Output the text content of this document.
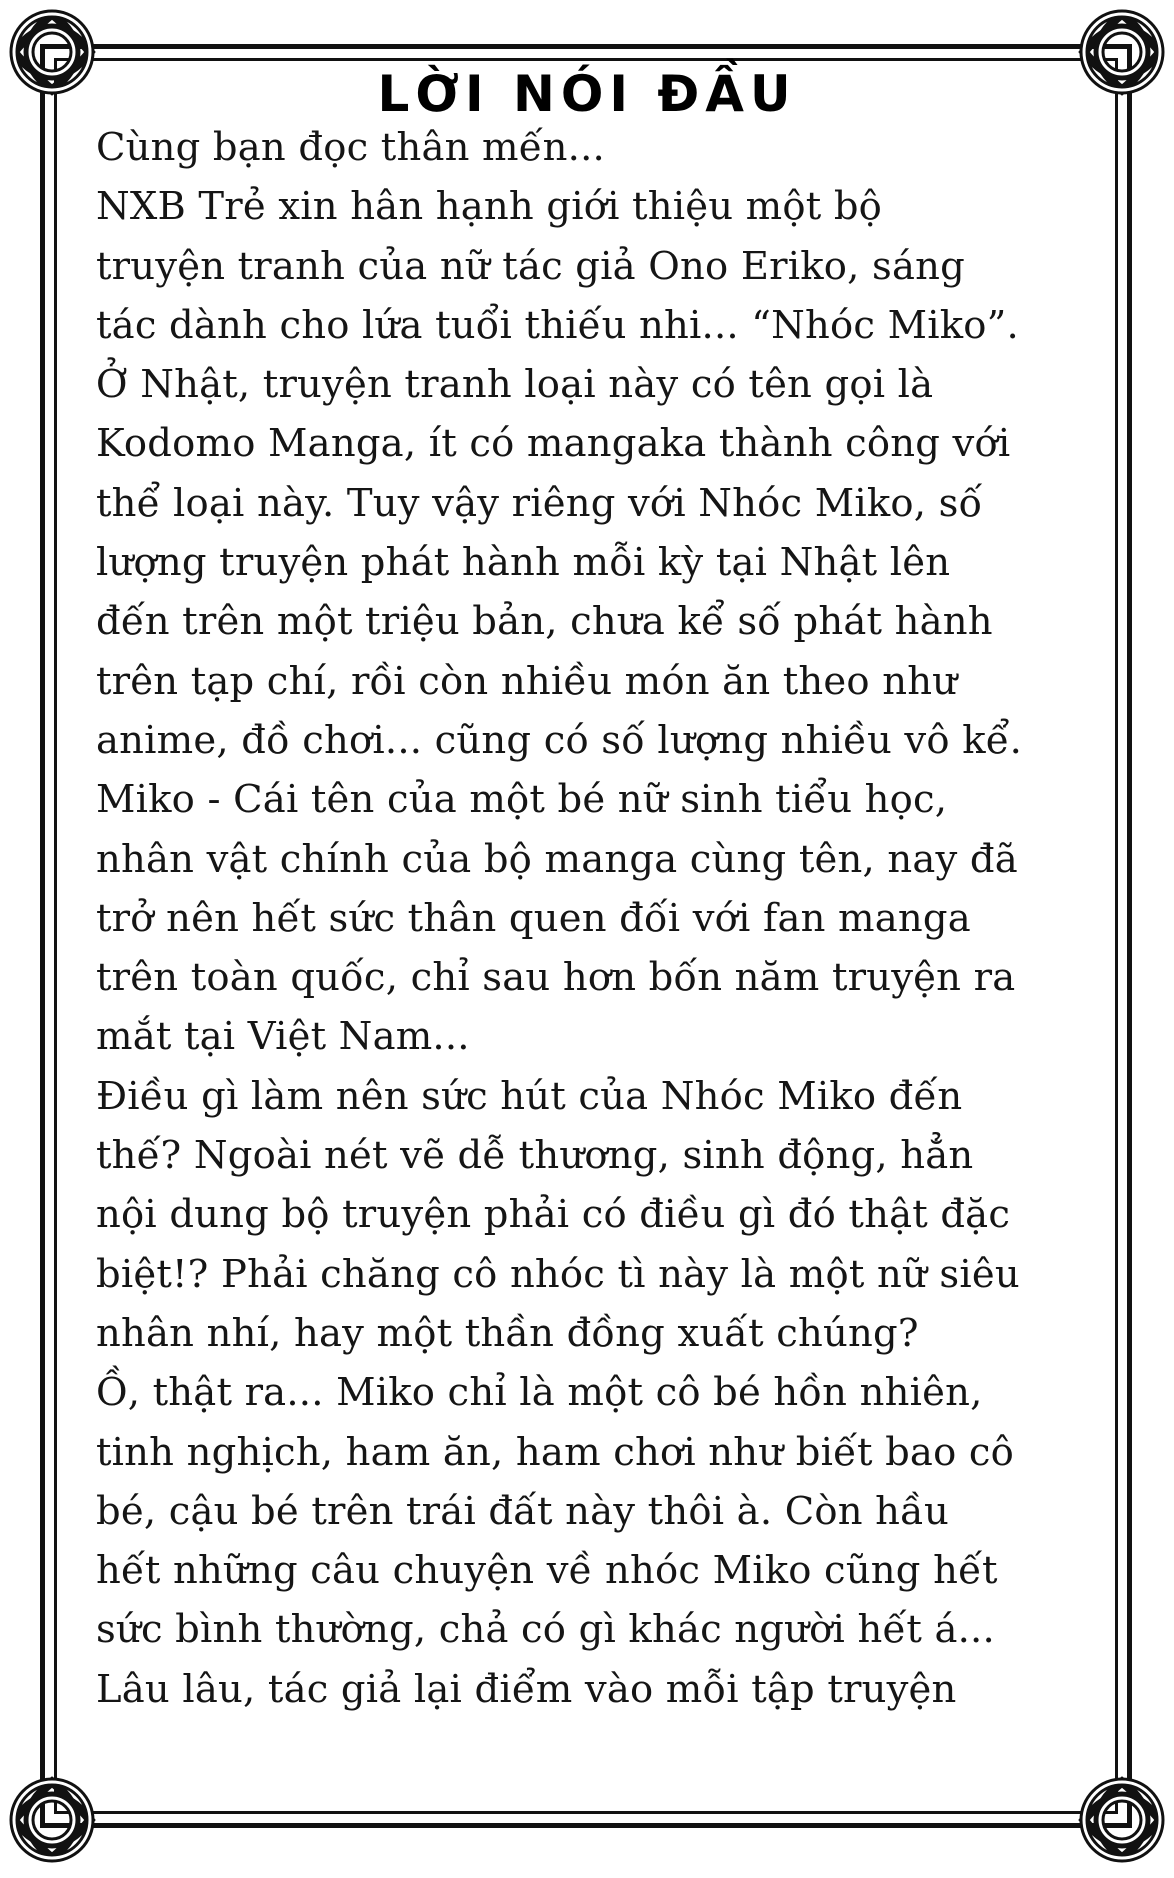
LỜI NÓI ĐẦU
Cùng bạn đọc thân mến...
NXB Trẻ xin hân hạnh giới thiệu một bộ
truyện tranh của nữ tác giả Ono Eriko, sáng
tác dành cho lứa tuổi thiếu nhi... “Nhóc Miko”.
Ở Nhật, truyện tranh loại này có tên gọi là
Kodomo Manga, ít có mangaka thành công với
thể loại này. Tuy vậy riêng với Nhóc Miko, số
lượng truyện phát hành mỗi kỳ tại Nhật lên
đến trên một triệu bản, chưa kể số phát hành
trên tạp chí, rồi còn nhiều món ăn theo như
anime, đồ chơi... cũng có số lượng nhiều vô kể.
Miko - Cái tên của một bé nữ sinh tiểu học,
nhân vật chính của bộ manga cùng tên, nay đã
trở nên hết sức thân quen đối với fan manga
trên toàn quốc, chỉ sau hơn bốn năm truyện ra
mắt tại Việt Nam...
Điều gì làm nên sức hút của Nhóc Miko đến
thế? Ngoài nét vẽ dễ thương, sinh động, hẳn
nội dung bộ truyện phải có điều gì đó thật đặc
biệt!? Phải chăng cô nhóc tì này là một nữ siêu
nhân nhí, hay một thần đồng xuất chúng?
Ồ, thật ra... Miko chỉ là một cô bé hồn nhiên,
tinh nghịch, ham ăn, ham chơi như biết bao cô
bé, cậu bé trên trái đất này thôi à. Còn hầu
hết những câu chuyện về nhóc Miko cũng hết
sức bình thường, chả có gì khác người hết á...
Lâu lâu, tác giả lại điểm vào mỗi tập truyện
